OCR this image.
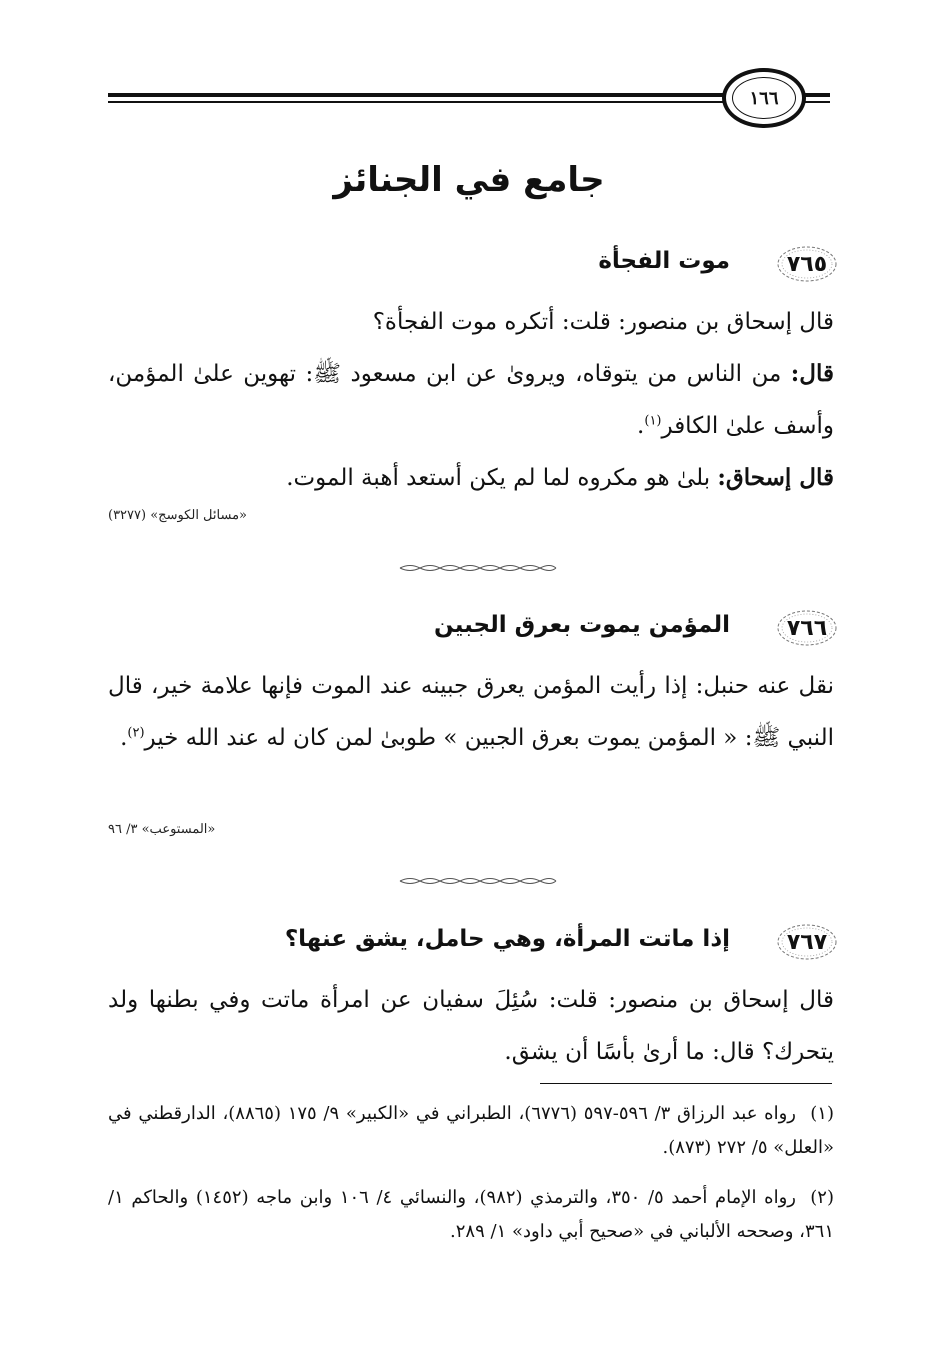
١٦٦
جامع في الجنائز
٧٦٥
موت الفجأة
قال إسحاق بن منصور: قلت: أتكره موت الفجأة؟
قال: من الناس من يتوقاه، ويروىٰ عن ابن مسعود ﷺ: تهوين علىٰ المؤمن، وأسف علىٰ الكافر$^{(١)}$.
قال إسحاق: بلىٰ هو مكروه لما لم يكن أستعد أهبة الموت.
«مسائل الكوسج» (٣٢٧٧)
٧٦٦
المؤمن يموت بعرق الجبين
نقل عنه حنبل: إذا رأيت المؤمن يعرق جبينه عند الموت فإنها علامة خير، قال النبي ﷺ: « المؤمن يموت بعرق الجبين » طوبىٰ لمن كان له عند الله خير$^{(٢)}$.
«المستوعب» ٣/ ٩٦
٧٦٧
إذا ماتت المرأة، وهي حامل، يشق عنها؟
قال إسحاق بن منصور: قلت: سُئِلَ سفيان عن امرأة ماتت وفي بطنها ولد يتحرك؟ قال: ما أرىٰ بأسًا أن يشق.
(١)رواه عبد الرزاق ٣/ ٥٩٦-٥٩٧ (٦٧٧٦)، الطبراني في «الكبير» ٩/ ١٧٥ (٨٨٦٥)، الدارقطني في «العلل» ٥/ ٢٧٢ (٨٧٣).
(٢)رواه الإمام أحمد ٥/ ٣٥٠، والترمذي (٩٨٢)، والنسائي ٤/ ١٠٦ وابن ماجه (١٤٥٢) والحاكم ١/ ٣٦١، وصححه الألباني في «صحيح أبي داود» ١/ ٢٨٩.
